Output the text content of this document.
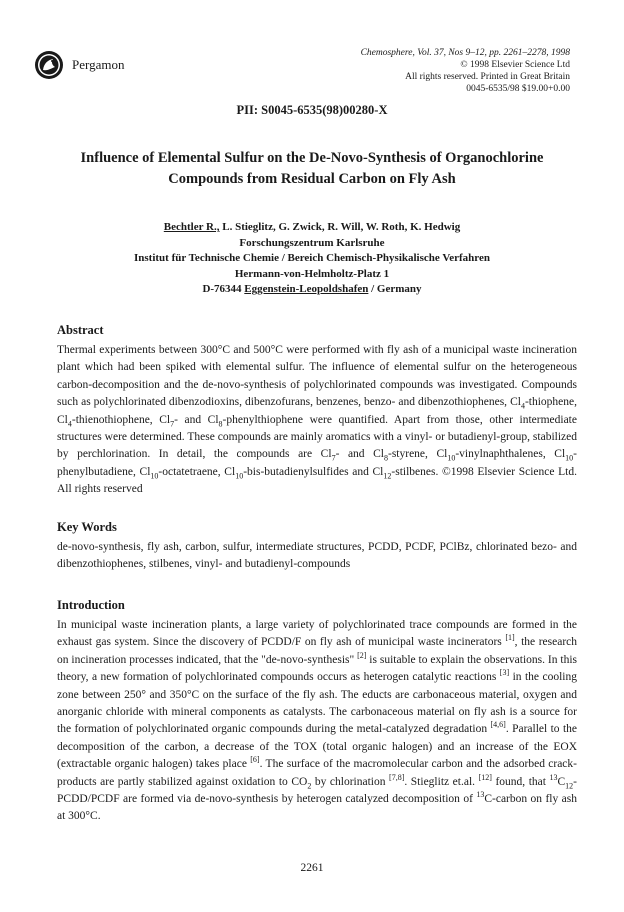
Pergamon
Chemosphere, Vol. 37, Nos 9–12, pp. 2261–2278, 1998
© 1998 Elsevier Science Ltd
All rights reserved. Printed in Great Britain
0045-6535/98 $19.00+0.00
PII: S0045-6535(98)00280-X
Influence of Elemental Sulfur on the De-Novo-Synthesis of Organochlorine
Compounds from Residual Carbon on Fly Ash
Bechtler R., L. Stieglitz, G. Zwick, R. Will, W. Roth, K. Hedwig
Forschungszentrum Karlsruhe
Institut für Technische Chemie / Bereich Chemisch-Physikalische Verfahren
Hermann-von-Helmholtz-Platz 1
D-76344 Eggenstein-Leopoldshafen / Germany
Abstract

Thermal experiments between 300°C and 500°C were performed with fly ash of a municipal waste incineration plant which had been spiked with elemental sulfur. The influence of elemental sulfur on the heterogeneous carbon-decomposition and the de-novo-synthesis of polychlorinated compounds was investigated. Compounds such as polychlorinated dibenzodioxins, dibenzofurans, benzenes, benzo- and dibenzothiophenes, $Cl_4$-thiophene, $Cl_4$-thienothiophene, $Cl_7-$ and $Cl_8$-phenylthiophene were quantified. Apart from those, other intermediate structures were determined. These compounds are mainly aromatics with a vinyl- or butadienyl-group, stabilized by perchlorination. In detail, the compounds are $Cl_7-$ and $Cl_8$-styrene, $Cl_{10}$-vinylnaphthalenes, $Cl_{10}$-phenylbutadiene, $Cl_{10}$-octatetraene, $Cl_{10}-bis$-butadienylsulfides and $Cl_{12}$-stilbenes. ©1998 Elsevier Science Ltd. All rights reserved

Key Words

de-novo-synthesis, fly ash, carbon, sulfur, intermediate structures, PCDD, PCDF, PClBz, chlorinated bezo- and dibenzothiophenes, stilbenes, vinyl- and butadienyl-compounds

Introduction

In municipal waste incineration plants, a large variety of polychlorinated trace compounds are formed in the exhaust gas system. Since the discovery of PCDD/F on fly ash of municipal waste incinerators [1], the research on incineration processes indicated, that the "de-novo-synthesis" [2] is suitable to explain the observations. In this theory, a new formation of polychlorinated compounds occurs as heterogen catalytic reactions [3] in the cooling zone between 250° and 350°C on the surface of the fly ash. The educts are carbonaceous material, oxygen and anorganic chloride with mineral components as catalysts. The carbonaceous material on fly ash is a source for the formation of polychlorinated organic compounds during the metal-catalyzed degradation [4,6]. Parallel to the decomposition of the carbon, a decrease of the TOX (total organic halogen) and an increase of the EOX (extractable organic halogen) takes place [6]. The surface of the macromolecular carbon and the adsorbed crack-products are partly stabilized against oxidation to $CO_2$ by chlorination [7,8]. Stieglitz et.al. [12] found, that $^{13}C_{12}-PCDD$/PCDF are formed via de-novo-synthesis by heterogen catalyzed decomposition of $^{13}$C-carbon on fly ash at 300°C.

2261
